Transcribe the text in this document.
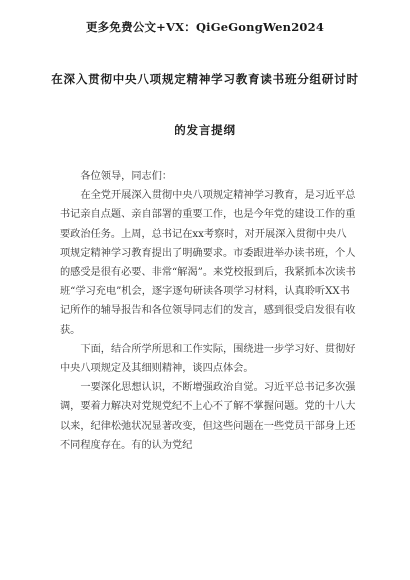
更多免费公文+VX：QiGeGongWen2024
在深入贯彻中央八项规定精神学习教育读书班分组研讨时
的发言提纲

各位领导，同志们：

在全党开展深入贯彻中央八项规定精神学习教育，是习近平总书记亲自点题、亲自部署的重要工作，也是今年党的建设工作的重要政治任务。上周，总书记在xx考察时，对开展深入贯彻中央八项规定精神学习教育提出了明确要求。市委跟进举办读书班，个人的感受是很有必要、非常“解渴”。来党校报到后，我紧抓本次读书班“学习充电”机会，逐字逐句研读各项学习材料，认真聆听XX书记所作的辅导报告和各位领导同志们的发言，感到很受启发很有收获。

下面，结合所学所思和工作实际，围绕进一步学习好、贯彻好中央八项规定及其细则精神，谈四点体会。

一要深化思想认识，不断增强政治自觉。习近平总书记多次强调，要着力解决对党规党纪不上心不了解不掌握问题。党的十八大以来，纪律松弛状况显著改变，但这些问题在一些党员干部身上还不同程度存在。有的认为党纪
